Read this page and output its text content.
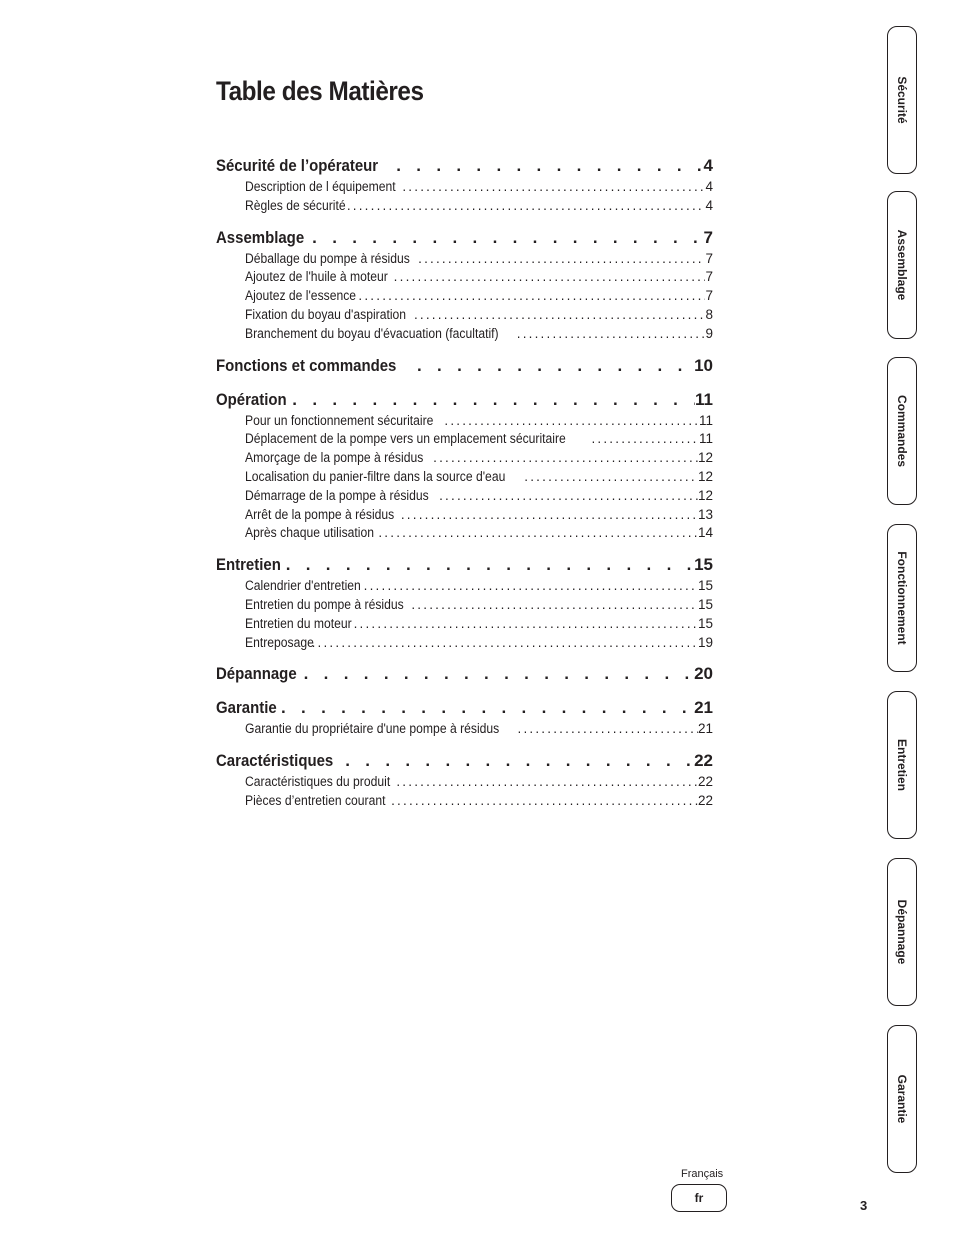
Table des Matières
Sécurité de l’opérateur . . .	4
Description de l équipement .....	4
Règles de sécurité .....	4
Assemblage . . .	7
Déballage du pompe à résidus .....	7
Ajoutez de l'huile à moteur .....	7
Ajoutez de l'essence .....	7
Fixation du boyau d'aspiration .....	8
Branchement du boyau d'évacuation (facultatif) .....	9
Fonctions et commandes . . .	10
Opération . . .	11
Pour un fonctionnement sécuritaire .....	11
Déplacement de la pompe vers un emplacement sécuritaire .....	11
Amorçage de la pompe à résidus .....	12
Localisation du panier-filtre dans la source d'eau .....	12
Démarrage de la pompe à résidus .....	12
Arrêt de la pompe à résidus .....	13
Après chaque utilisation .....	14
Entretien . . .	15
Calendrier d'entretien .....	15
Entretien du pompe à résidus .....	15
Entretien du moteur .....	15
Entreposage .....	19
Dépannage . . .	20
Garantie . . .	21
Garantie du propriétaire d'une pompe à résidus .....	21
Caractéristiques . . .	22
Caractéristiques du produit .....	22
Pièces d’entretien courant .....	22
Sécurité
Assemblage
Commandes
Fonctionnement
Entretien
Dépannage
Garantie
Français
fr	3
